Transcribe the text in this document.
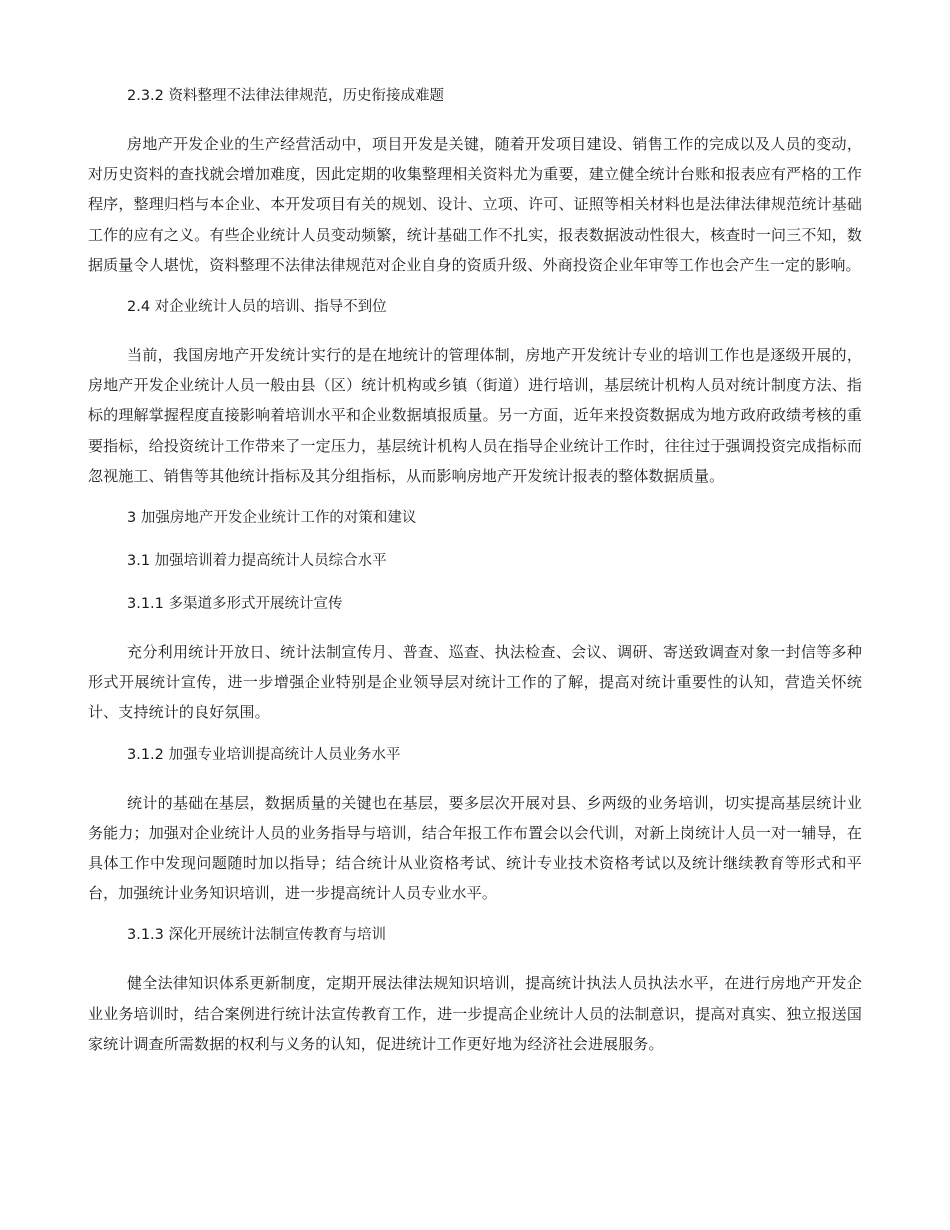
2.3.2 资料整理不法律法律规范，历史衔接成难题

房地产开发企业的生产经营活动中，项目开发是关键，随着开发项目建设、销售工作的完成以及人员的变动，对历史资料的查找就会增加难度，因此定期的收集整理相关资料尤为重要，建立健全统计台账和报表应有严格的工作程序，整理归档与本企业、本开发项目有关的规划、设计、立项、许可、证照等相关材料也是法律法律规范统计基础工作的应有之义。有些企业统计人员变动频繁，统计基础工作不扎实，报表数据波动性很大，核查时一问三不知，数据质量令人堪忧，资料整理不法律法律规范对企业自身的资质升级、外商投资企业年审等工作也会产生一定的影响。

2.4 对企业统计人员的培训、指导不到位

当前，我国房地产开发统计实行的是在地统计的管理体制，房地产开发统计专业的培训工作也是逐级开展的，房地产开发企业统计人员一般由县（区）统计机构或乡镇（街道）进行培训，基层统计机构人员对统计制度方法、指标的理解掌握程度直接影响着培训水平和企业数据填报质量。另一方面，近年来投资数据成为地方政府政绩考核的重要指标，给投资统计工作带来了一定压力，基层统计机构人员在指导企业统计工作时，往往过于强调投资完成指标而忽视施工、销售等其他统计指标及其分组指标，从而影响房地产开发统计报表的整体数据质量。

3 加强房地产开发企业统计工作的对策和建议
3.1 加强培训着力提高统计人员综合水平
3.1.1 多渠道多形式开展统计宣传

充分利用统计开放日、统计法制宣传月、普查、巡查、执法检查、会议、调研、寄送致调查对象一封信等多种形式开展统计宣传，进一步增强企业特别是企业领导层对统计工作的了解，提高对统计重要性的认知，营造关怀统计、支持统计的良好氛围。

3.1.2 加强专业培训提高统计人员业务水平

统计的基础在基层，数据质量的关键也在基层，要多层次开展对县、乡两级的业务培训，切实提高基层统计业务能力；加强对企业统计人员的业务指导与培训，结合年报工作布置会以会代训，对新上岗统计人员一对一辅导，在具体工作中发现问题随时加以指导；结合统计从业资格考试、统计专业技术资格考试以及统计继续教育等形式和平台，加强统计业务知识培训，进一步提高统计人员专业水平。

3.1.3 深化开展统计法制宣传教育与培训

健全法律知识体系更新制度，定期开展法律法规知识培训，提高统计执法人员执法水平，在进行房地产开发企业业务培训时，结合案例进行统计法宣传教育工作，进一步提高企业统计人员的法制意识，提高对真实、独立报送国家统计调查所需数据的权利与义务的认知，促进统计工作更好地为经济社会进展服务。
